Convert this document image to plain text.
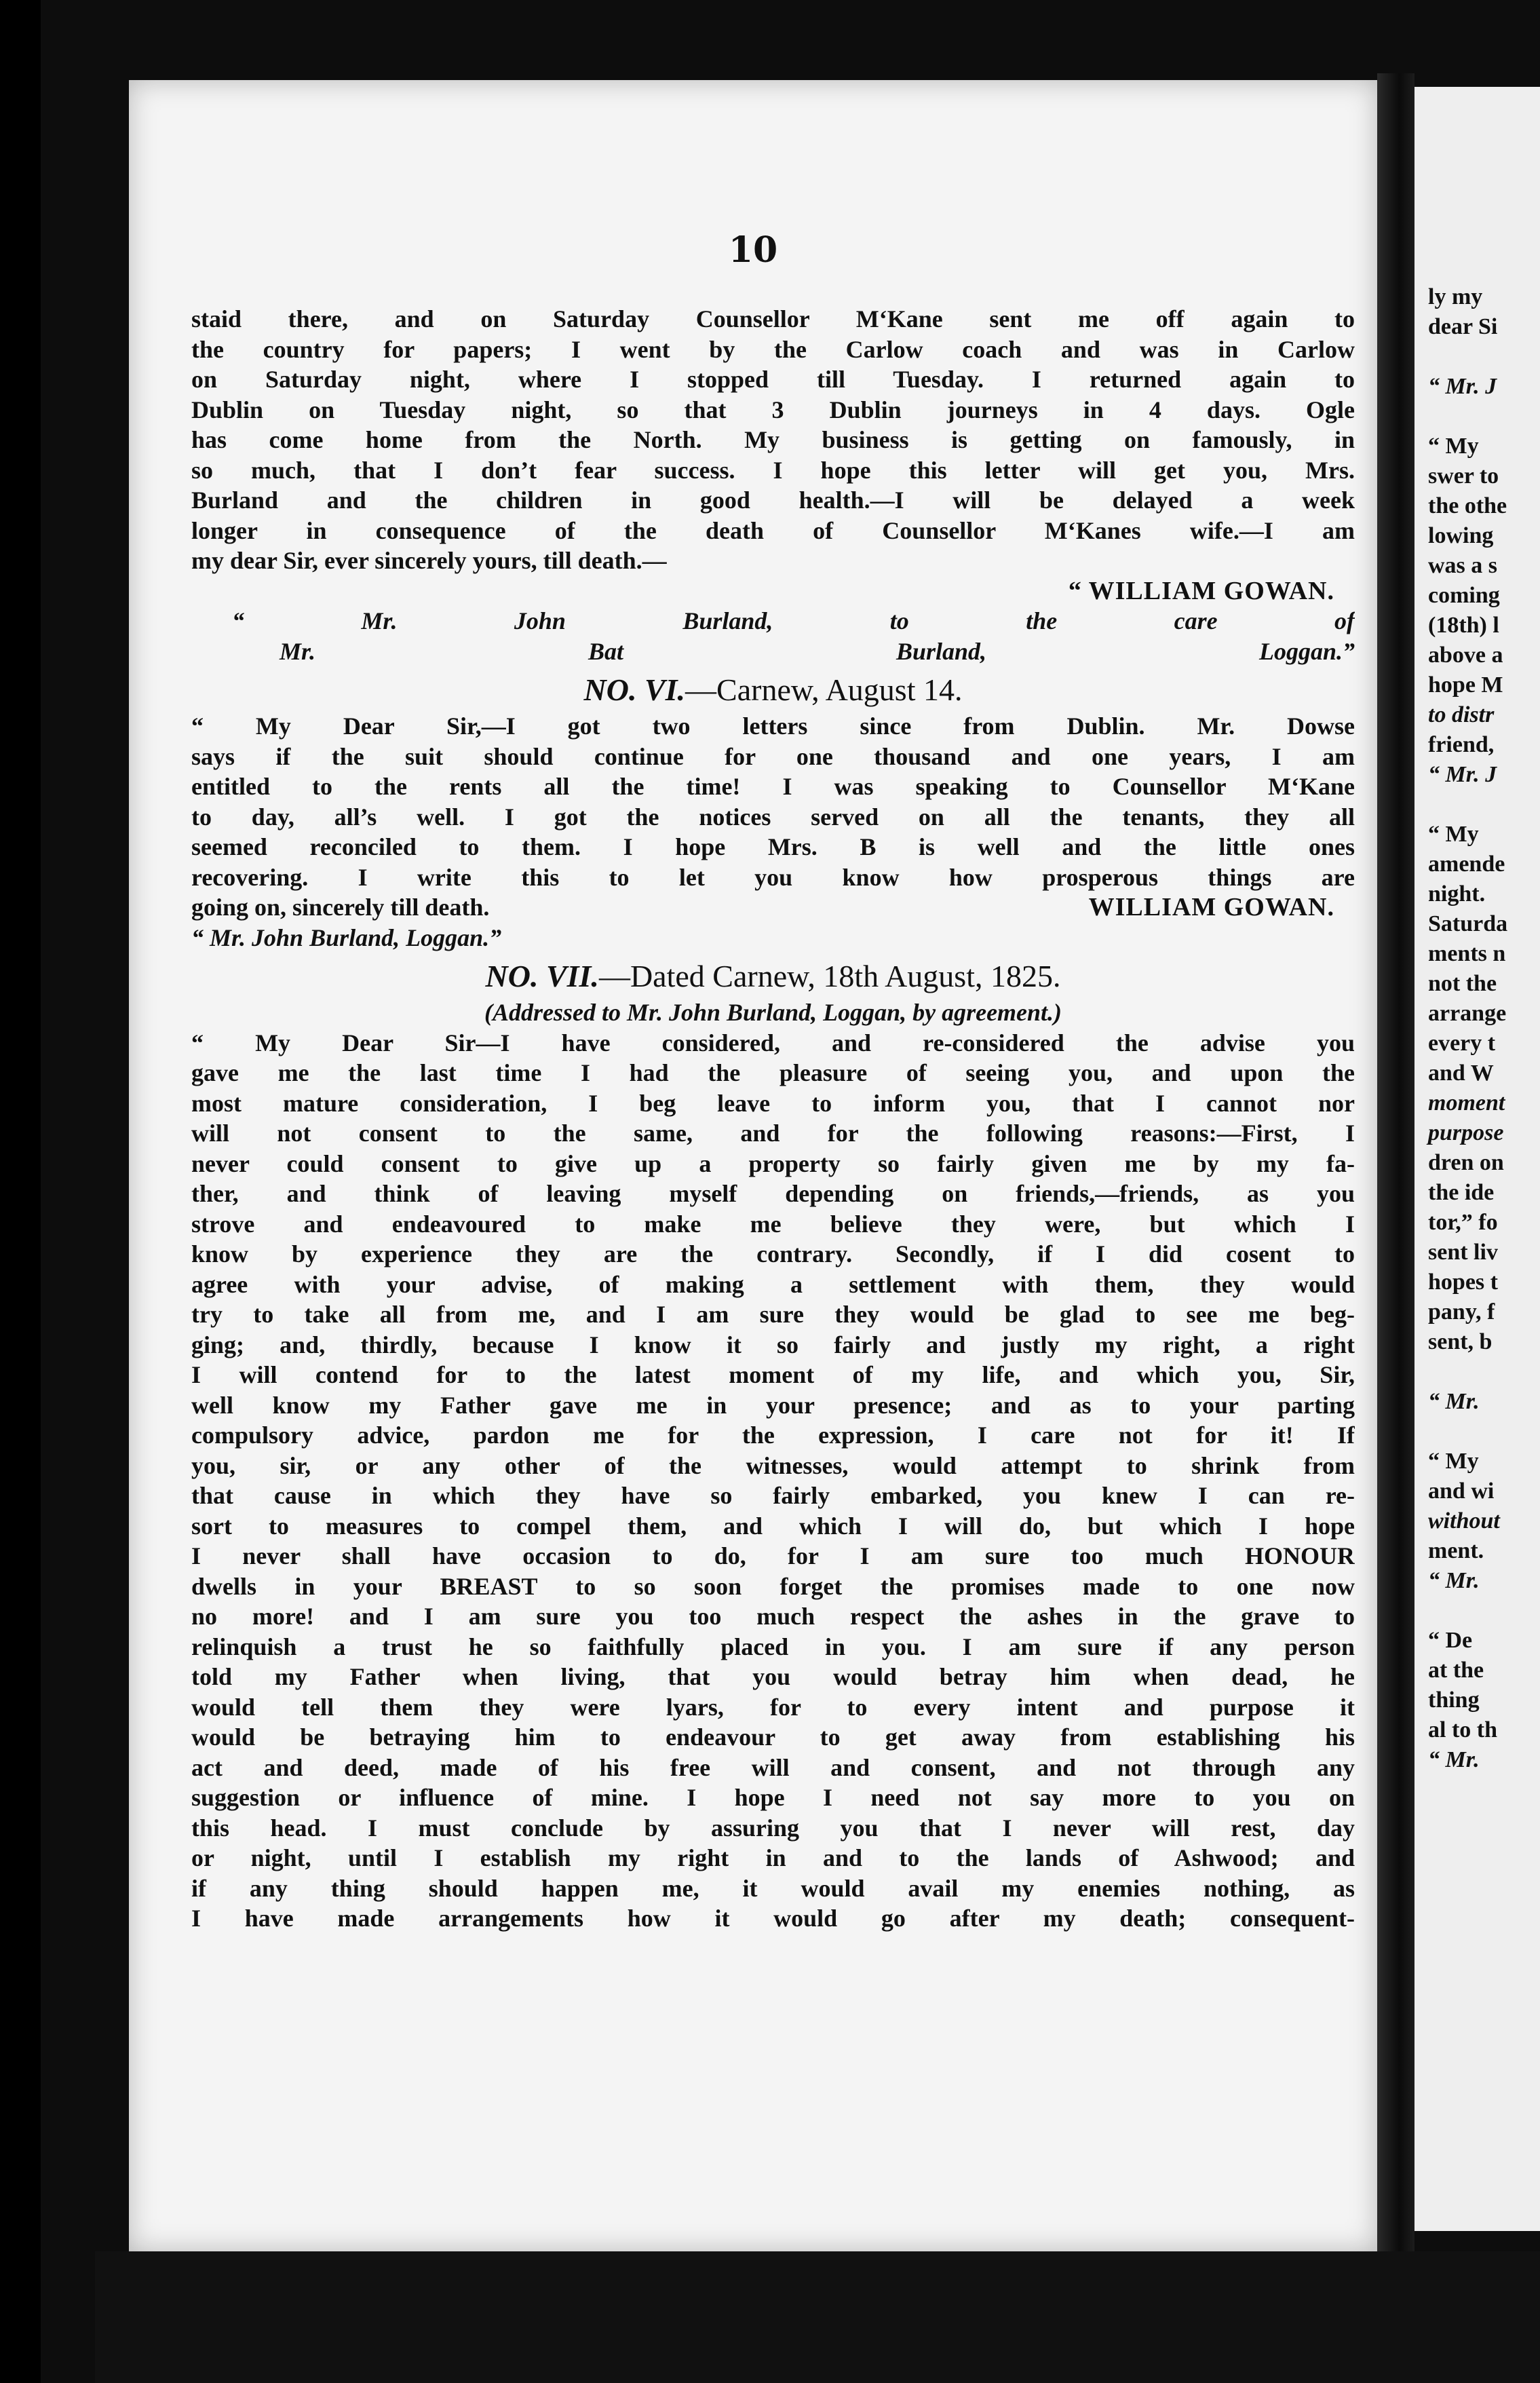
10
ly my
dear Si
“ Mr. J
“ My
swer to
the othe
lowing
was a s
coming
(18th) l
above a
hope M
to distr
friend,
“ Mr. J
“ My
amende
night.
Saturda
ments n
not the
arrange
every t
and W
moment
purpose
dren on
the ide
tor,” fo
sent liv
hopes t
pany, f
sent, b
“ Mr.
“ My
and wi
without
ment.
“ Mr.
“ De
at the
thing
al to th
“ Mr.
staid there, and on Saturday Counsellor M‘Kane sent me off again to
the country for papers; I went by the Carlow coach and was in Carlow
on Saturday night, where I stopped till Tuesday. I returned again to
Dublin on Tuesday night, so that 3 Dublin journeys in 4 days. Ogle
has come home from the North. My business is getting on famously, in
so much, that I don’t fear success. I hope this letter will get you, Mrs.
Burland and the children in good health.—I will be delayed a week
longer in consequence of the death of Counsellor M‘Kanes wife.—I am
my dear Sir, ever sincerely yours, till death.—
“ WILLIAM GOWAN.
“ Mr. John Burland, to the care of
Mr. Bat Burland, Loggan.”
NO. VI.—Carnew, August 14.
“ My Dear Sir,—I got two letters since from Dublin. Mr. Dowse
says if the suit should continue for one thousand and one years, I am
entitled to the rents all the time! I was speaking to Counsellor M‘Kane
to day, all’s well. I got the notices served on all the tenants, they all
seemed reconciled to them. I hope Mrs. B is well and the little ones
recovering. I write this to let you know how prosperous things are
going on, sincerely till death.	WILLIAM GOWAN.
“ Mr. John Burland, Loggan.”
NO. VII.—Dated Carnew, 18th August, 1825.
(Addressed to Mr. John Burland, Loggan, by agreement.)
“ My Dear Sir—I have considered, and re-considered the advise you
gave me the last time I had the pleasure of seeing you, and upon the
most mature consideration, I beg leave to inform you, that I cannot nor
will not consent to the same, and for the following reasons:—First, I
never could consent to give up a property so fairly given me by my fa-
ther, and think of leaving myself depending on friends,—friends, as you
strove and endeavoured to make me believe they were, but which I
know by experience they are the contrary. Secondly, if I did cosent to
agree with your advise, of making a settlement with them, they would
try to take all from me, and I am sure they would be glad to see me beg-
ging; and, thirdly, because I know it so fairly and justly my right, a right
I will contend for to the latest moment of my life, and which you, Sir,
well know my Father gave me in your presence; and as to your parting
compulsory advice, pardon me for the expression, I care not for it! If
you, sir, or any other of the witnesses, would attempt to shrink from
that cause in which they have so fairly embarked, you knew I can re-
sort to measures to compel them, and which I will do, but which I hope
I never shall have occasion to do, for I am sure too much HONOUR
dwells in your BREAST to so soon forget the promises made to one now
no more! and I am sure you too much respect the ashes in the grave to
relinquish a trust he so faithfully placed in you. I am sure if any person
told my Father when living, that you would betray him when dead, he
would tell them they were lyars, for to every intent and purpose it
would be betraying him to endeavour to get away from establishing his
act and deed, made of his free will and consent, and not through any
suggestion or influence of mine. I hope I need not say more to you on
this head. I must conclude by assuring you that I never will rest, day
or night, until I establish my right in and to the lands of Ashwood; and
if any thing should happen me, it would avail my enemies nothing, as
I have made arrangements how it would go after my death; consequent-
